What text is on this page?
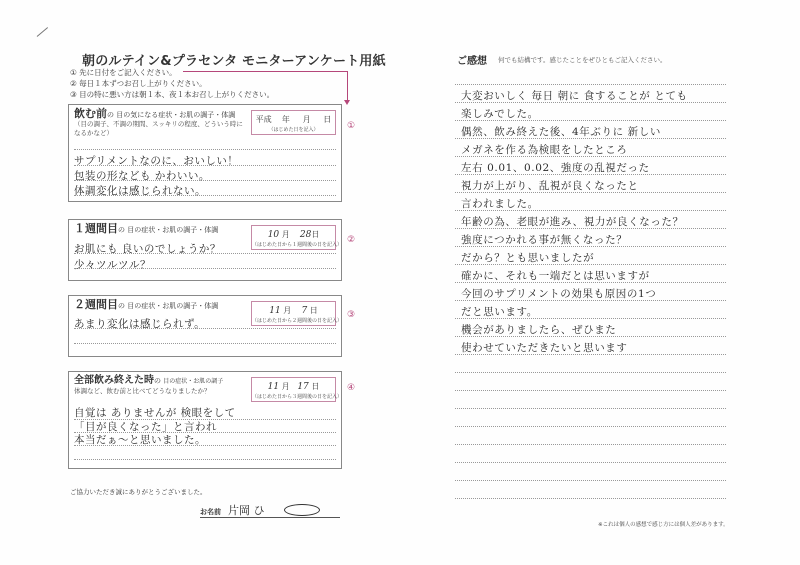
朝のルテイン&プラセンタ モニターアンケート用紙
① 先に日付をご記入ください。
② 毎日１本ずつお召し上がりください。
③ 目の特に悪い方は朝１本、夜１本お召し上がりください。
飲む前の 目の気になる症状・お肌の調子・体調
（目の調子、不調の期間、スッキリの程度、どういう時になるかなど）
平成 年 月 日
（はじめた日を記入）
サプリメントなのに、おいしい！
包装の形なども かわいい。
体調変化は感じられない。
①
１週間目の 目の症状・お肌の調子・体調	10 月 28日
（はじめた日から１週間後の日を記入）
お肌にも 良いのでしょうか？
少々ツルツル？
②
２週間目の 目の症状・お肌の調子・体調	11 月 7 日
（はじめた日から２週間後の日を記入）
あまり変化は感じられず。
③
全部飲み終えた時の 目の症状・お肌の調子
体調など、飲む前と比べてどうなりましたか？	11 月 17 日
（はじめた日から３週間後の日を記入）
自覚は ありませんが 検眼をして
「目が良くなった」と言われ
本当だぁ〜と思いました。
④
ご協力いただき誠にありがとうございました。
お名前 片岡 ひ
ご感想 何でも結構です。感じたことをぜひともご記入ください。
大変おいしく 毎日 朝に 食することが とても
楽しみでした。
偶然、飲み終えた後、4年ぶりに 新しい
メガネを作る為検眼をしたところ
左右 0.01、0.02、強度の乱視だった
視力が上がり、乱視が良くなったと
言われました。
年齢の為、老眼が進み、視力が良くなった？
強度につかれる事が無くなった？
だから？とも思いましたが
確かに、それも一端だとは思いますが
今回のサプリメントの効果も原因の1つ
だと思います。
機会がありましたら、ぜひまた
使わせていただきたいと思います
※これは個人の感想で感じ方には個人差があります。
